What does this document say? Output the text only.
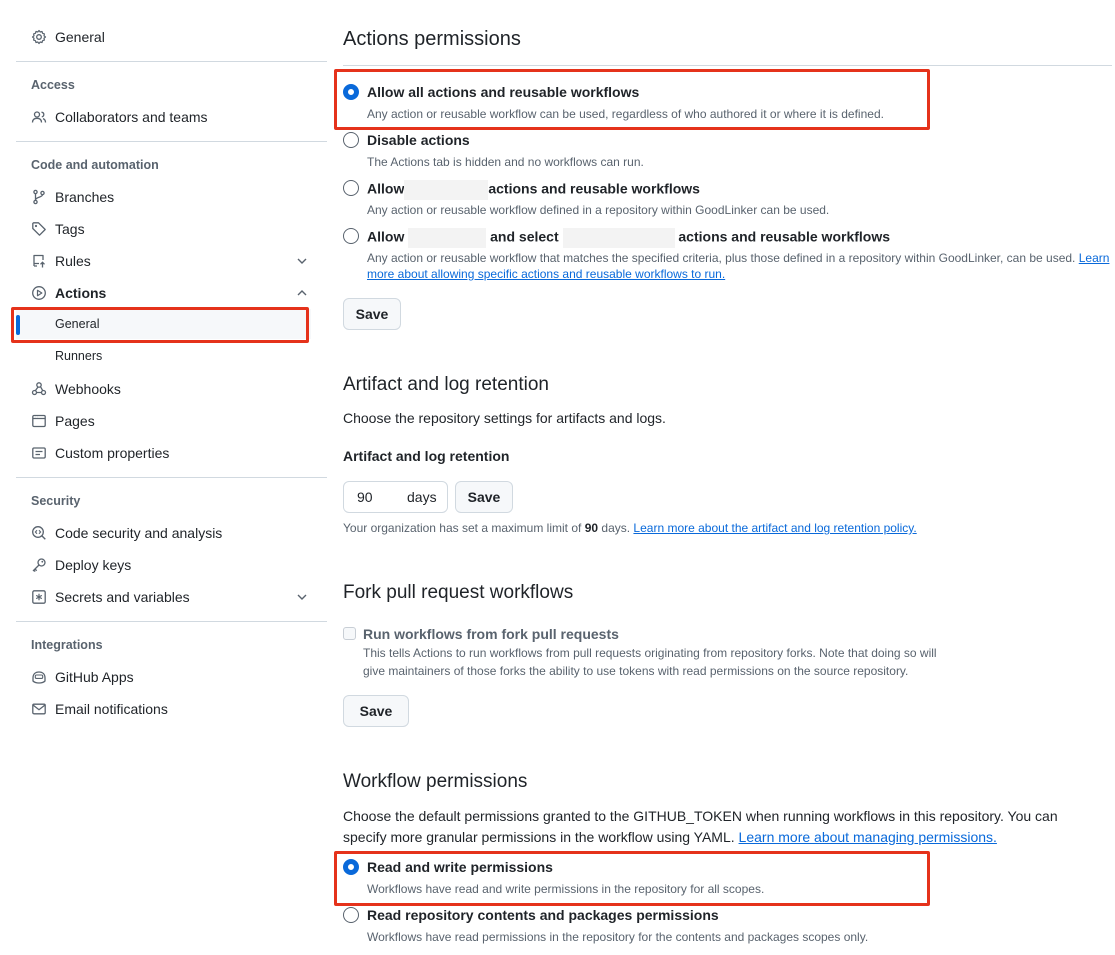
General
Access
Collaborators and teams
Code and automation
Branches
Tags
Rules
Actions
General
Runners
Webhooks
Pages
Custom properties
Security
Code security and analysis
Deploy keys
Secrets and variables
Integrations
GitHub Apps
Email notifications
Actions permissions
Allow all actions and reusable workflows
Any action or reusable workflow can be used, regardless of who authored it or where it is defined.
Disable actions
The Actions tab is hidden and no workflows can run.
Allow	actions and reusable workflows
Any action or reusable workflow defined in a repository within GoodLinker can be used.
Allow	and select	actions and reusable workflows
Any action or reusable workflow that matches the specified criteria, plus those defined in a repository within GoodLinker, can be used. Learn more about allowing specific actions and reusable workflows to run.
Save
Artifact and log retention
Choose the repository settings for artifacts and logs.
Artifact and log retention
90 days	Save
Your organization has set a maximum limit of 90 days. Learn more about the artifact and log retention policy.
Fork pull request workflows
Run workflows from fork pull requests
This tells Actions to run workflows from pull requests originating from repository forks. Note that doing so will
give maintainers of those forks the ability to use tokens with read permissions on the source repository.
Save
Workflow permissions
Choose the default permissions granted to the GITHUB_TOKEN when running workflows in this repository. You can
specify more granular permissions in the workflow using YAML. Learn more about managing permissions.
Read and write permissions
Workflows have read and write permissions in the repository for all scopes.
Read repository contents and packages permissions
Workflows have read permissions in the repository for the contents and packages scopes only.
